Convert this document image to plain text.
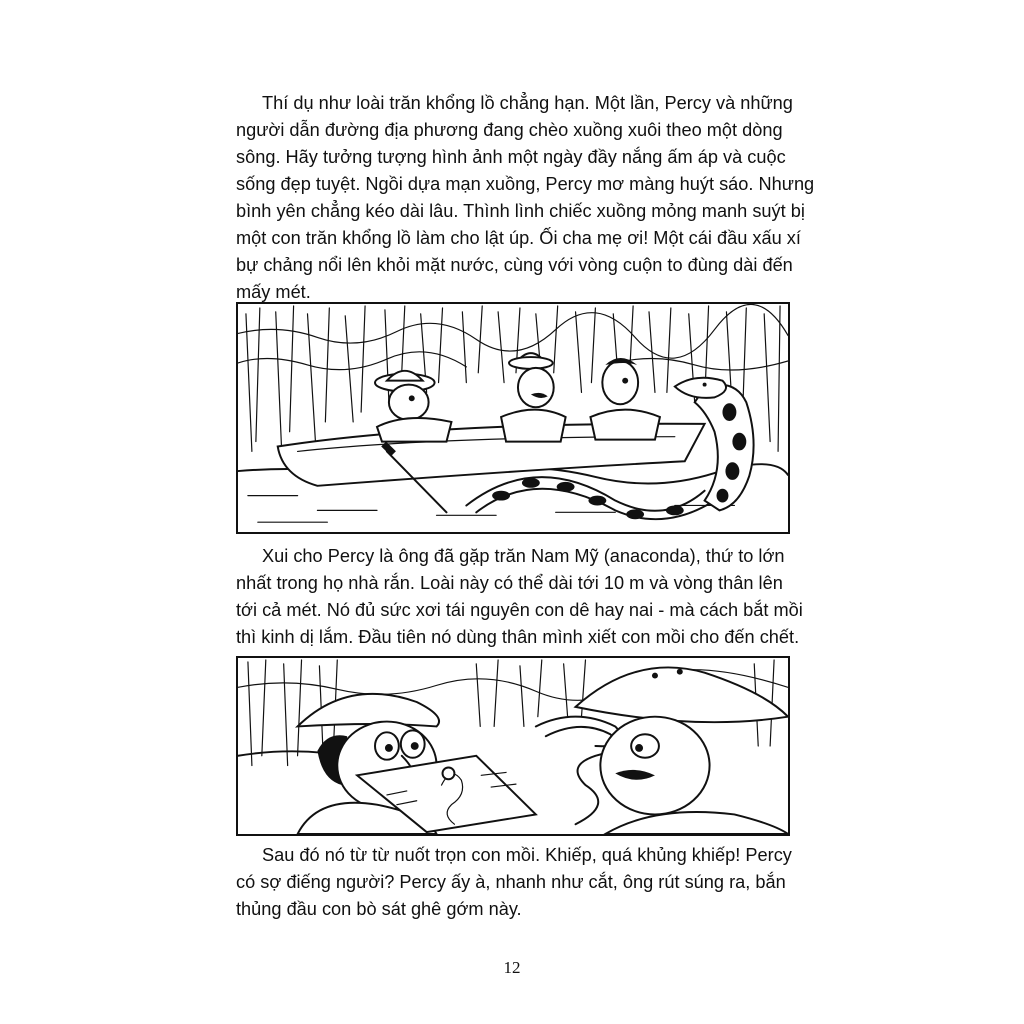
Thí dụ như loài trăn khổng lồ chẳng hạn. Một lần, Percy và những
người dẫn đường địa phương đang chèo xuồng xuôi theo một dòng
sông. Hãy tưởng tượng hình ảnh một ngày đầy nắng ấm áp và cuộc
sống đẹp tuyệt. Ngồi dựa mạn xuồng, Percy mơ màng huýt sáo. Nhưng
bình yên chẳng kéo dài lâu. Thình lình chiếc xuồng mỏng manh suýt bị
một con trăn khổng lồ làm cho lật úp. Ối cha mẹ ơi! Một cái đầu xấu xí
bự chảng nổi lên khỏi mặt nước, cùng với vòng cuộn to đùng dài đến
mấy mét.
Xui cho Percy là ông đã gặp trăn Nam Mỹ (anaconda), thứ to lớn
nhất trong họ nhà rắn. Loài này có thể dài tới 10 m và vòng thân lên
tới cả mét. Nó đủ sức xơi tái nguyên con dê hay nai - mà cách bắt mồi
thì kinh dị lắm. Đầu tiên nó dùng thân mình xiết con mồi cho đến chết.
Sau đó nó từ từ nuốt trọn con mồi. Khiếp, quá khủng khiếp! Percy
có sợ điếng người? Percy ấy à, nhanh như cắt, ông rút súng ra, bắn
thủng đầu con bò sát ghê gớm này.
12
